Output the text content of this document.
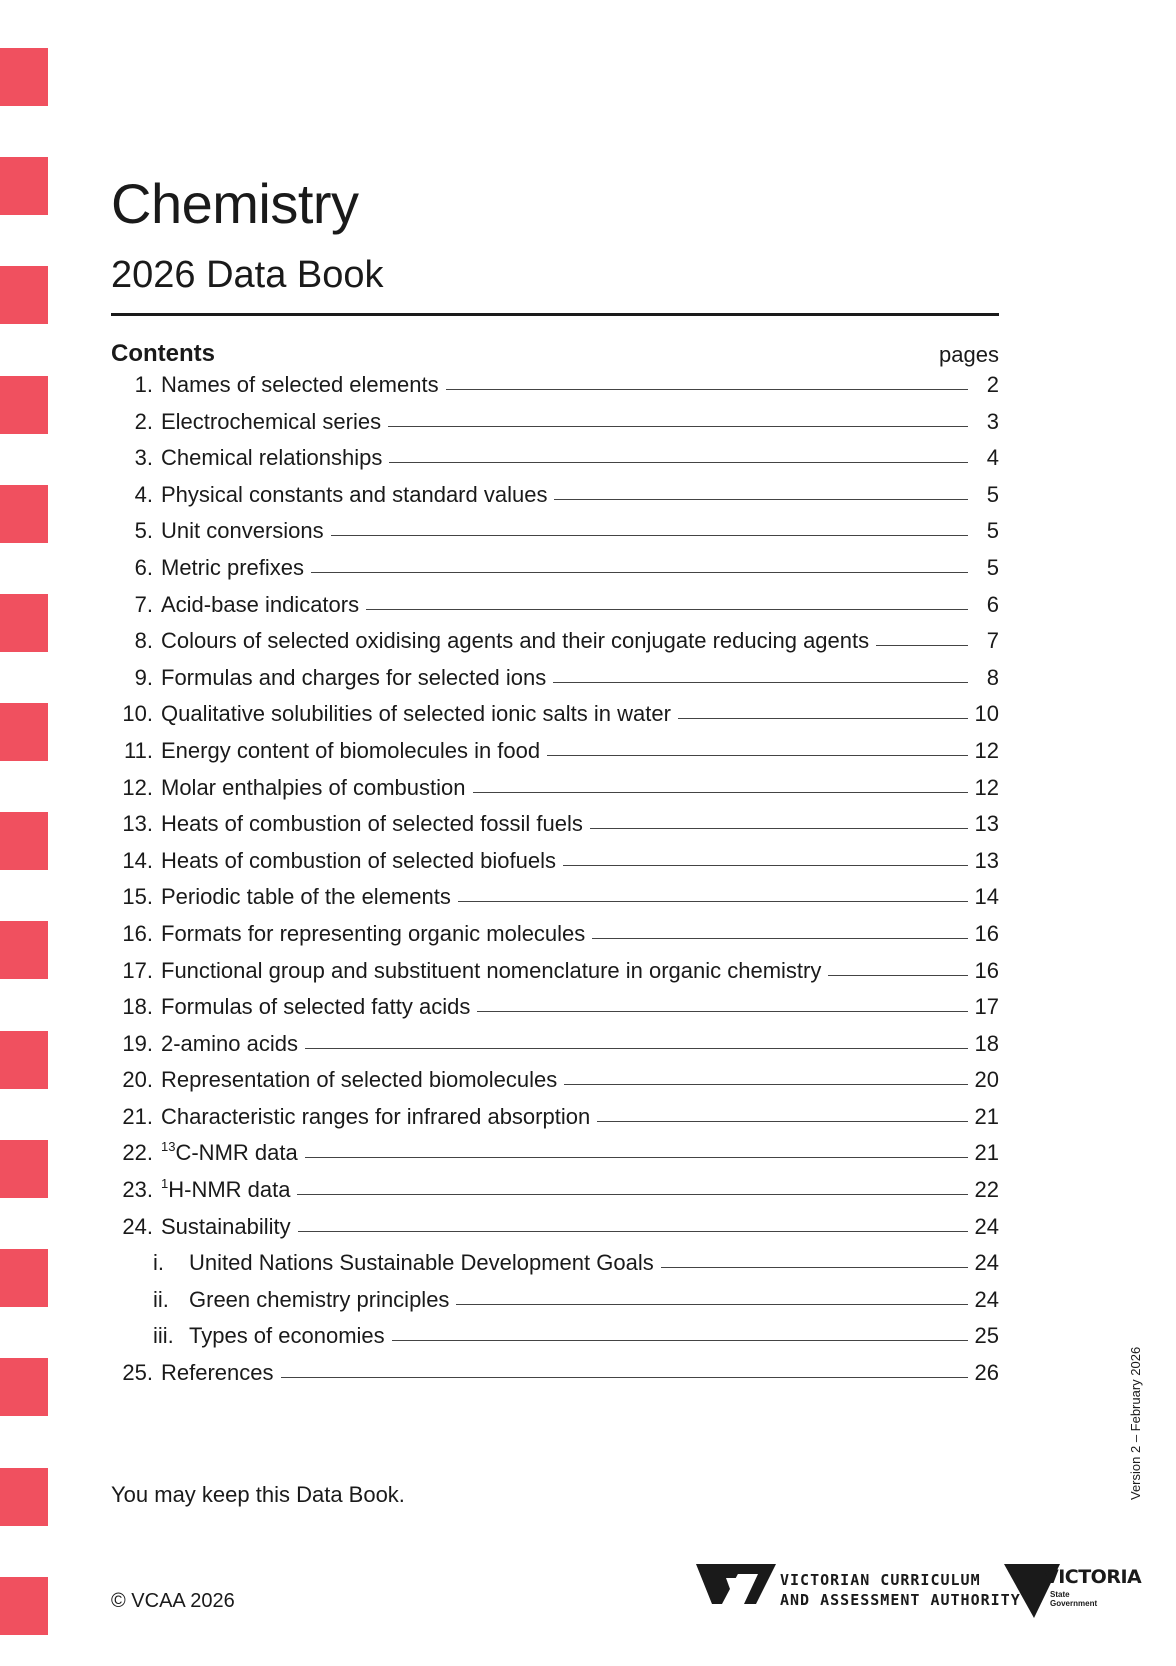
Chemistry
2026 Data Book
Contents	pages
1. Names of selected elements	2
2. Electrochemical series	3
3. Chemical relationships	4
4. Physical constants and standard values	5
5. Unit conversions	5
6. Metric prefixes	5
7. Acid-base indicators	6
8. Colours of selected oxidising agents and their conjugate reducing agents	7
9. Formulas and charges for selected ions	8
10. Qualitative solubilities of selected ionic salts in water	10
11. Energy content of biomolecules in food	12
12. Molar enthalpies of combustion	12
13. Heats of combustion of selected fossil fuels	13
14. Heats of combustion of selected biofuels	13
15. Periodic table of the elements	14
16. Formats for representing organic molecules	16
17. Functional group and substituent nomenclature in organic chemistry	16
18. Formulas of selected fatty acids	17
19. 2-amino acids	18
20. Representation of selected biomolecules	20
21. Characteristic ranges for infrared absorption	21
22. $^{13}$C-NMR data	21
23. $^1$H-NMR data	22
24. Sustainability	24
i.	United Nations Sustainable Development Goals	24
ii. Green chemistry principles	24
iii. Types of economies	25
25. References	26
You may keep this Data Book.
© VCAA 2026
Version 2 – February 2026
VICTORIAN CURRICULUM
AND ASSESSMENT AUTHORITY
VICTORIA
State
Government
